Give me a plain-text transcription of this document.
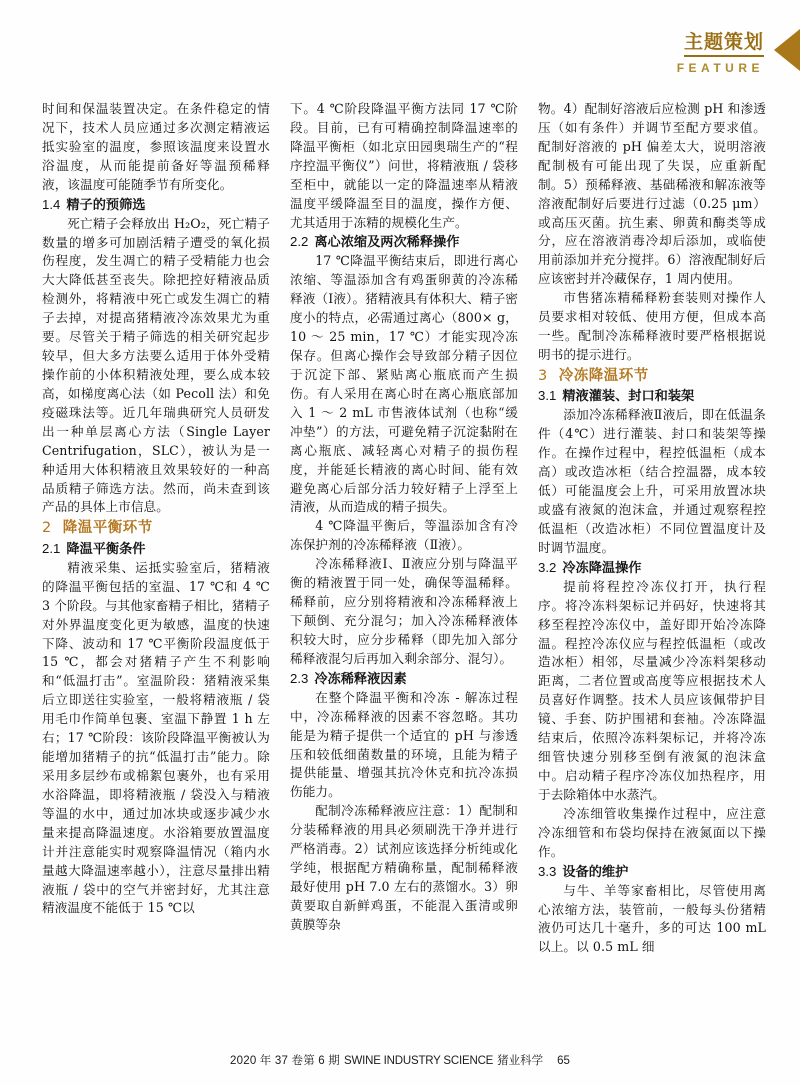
主题策划
FEATURE

时间和保温装置决定。在条件稳定的情况下，技术人员应通过多次测定精液运抵实验室的温度，参照该温度来设置水浴温度，从而能提前备好等温预稀释液，该温度可能随季节有所变化。

1.4 精子的预筛选

死亡精子会释放出 H₂O₂，死亡精子数量的增多可加剧活精子遭受的氧化损伤程度，发生凋亡的精子受精能力也会大大降低甚至丧失。除把控好精液品质检测外，将精液中死亡或发生凋亡的精子去掉，对提高猪精液冷冻效果尤为重要。尽管关于精子筛选的相关研究起步较早，但大多方法要么适用于体外受精操作前的小体积精液处理，要么成本较高，如梯度离心法（如 Pecoll 法）和免疫磁珠法等。近几年瑞典研究人员研发出一种单层离心方法（Single Layer Centrifugation，SLC），被认为是一种适用大体积精液且效果较好的一种高品质精子筛选方法。然而，尚未查到该产品的具体上市信息。

2 降温平衡环节
2.1 降温平衡条件

精液采集、运抵实验室后，猪精液的降温平衡包括的室温、17 ℃和 4 ℃ 3 个阶段。与其他家畜精子相比，猪精子对外界温度变化更为敏感，温度的快速下降、波动和 17 ℃平衡阶段温度低于 15 ℃，都会对猪精子产生不利影响和“低温打击”。室温阶段：猪精液采集后立即送往实验室，一般将精液瓶 / 袋用毛巾作简单包裹、室温下静置 1 h 左右；17 ℃阶段：该阶段降温平衡被认为能增加猪精子的抗“低温打击”能力。除采用多层纱布或棉絮包裹外，也有采用水浴降温，即将精液瓶 / 袋没入与精液等温的水中，通过加冰块或逐步减少水量来提高降温速度。水浴箱要放置温度计并注意能实时观察降温情况（箱内水量越大降温速率越小），注意尽量排出精液瓶 / 袋中的空气并密封好，尤其注意精液温度不能低于 15 ℃以

下。4 ℃阶段降温平衡方法同 17 ℃阶段。目前，已有可精确控制降温速率的降温平衡柜（如北京田园奥瑞生产的“程序控温平衡仪”）问世，将精液瓶 / 袋移至柜中，就能以一定的降温速率从精液温度平缓降温至目的温度，操作方便、尤其适用于冻精的规模化生产。

2.2 离心浓缩及两次稀释操作

17 ℃降温平衡结束后，即进行离心浓缩、等温添加含有鸡蛋卵黄的冷冻稀释液（Ⅰ液）。猪精液具有体积大、精子密度小的特点，必需通过离心（800× g，10 ～ 25 min，17 ℃）才能实现冷冻保存。但离心操作会导致部分精子因位于沉淀下部、紧贴离心瓶底而产生损伤。有人采用在离心时在离心瓶底部加入 1 ～ 2 mL 市售液体试剂（也称“缓冲垫”）的方法，可避免精子沉淀黏附在离心瓶底、减轻离心对精子的损伤程度，并能延长精液的离心时间、能有效避免离心后部分活力较好精子上浮至上清液，从而造成的精子损失。

4 ℃降温平衡后，等温添加含有冷冻保护剂的冷冻稀释液（Ⅱ液）。

冷冻稀释液Ⅰ、Ⅱ液应分别与降温平衡的精液置于同一处，确保等温稀释。稀释前，应分别将精液和冷冻稀释液上下颠倒、充分混匀；加入冷冻稀释液体积较大时，应分步稀释（即先加入部分稀释液混匀后再加入剩余部分、混匀）。

2.3 冷冻稀释液因素

在整个降温平衡和冷冻 - 解冻过程中，冷冻稀释液的因素不容忽略。其功能是为精子提供一个适宜的 pH 与渗透压和较低细菌数量的环境，且能为精子提供能量、增强其抗冷休克和抗冷冻损伤能力。

配制冷冻稀释液应注意：1）配制和分装稀释液的用具必须刷洗干净并进行严格消毒。2）试剂应该选择分析纯或化学纯，根据配方精确称量，配制稀释液最好使用 pH 7.0 左右的蒸馏水。3）卵黄要取自新鲜鸡蛋，不能混入蛋清或卵黄膜等杂

物。4）配制好溶液后应检测 pH 和渗透压（如有条件）并调节至配方要求值。配制好溶液的 pH 偏差太大，说明溶液配制极有可能出现了失误，应重新配制。5）预稀释液、基础稀液和解冻液等溶液配制好后要进行过滤（0.25 μm）或高压灭菌。抗生素、卵黄和酶类等成分，应在溶液消毒冷却后添加，或临使用前添加并充分搅拌。6）溶液配制好后应该密封并冷藏保存，1 周内使用。

市售猪冻精稀释粉套装则对操作人员要求相对较低、使用方便，但成本高一些。配制冷冻稀释液时要严格根据说明书的提示进行。

3 冷冻降温环节
3.1 精液灌装、封口和装架

添加冷冻稀释液Ⅱ液后，即在低温条件（4℃）进行灌装、封口和装架等操作。在操作过程中，程控低温柜（成本高）或改造冰柜（结合控温器，成本较低）可能温度会上升，可采用放置冰块或盛有液氮的泡沫盒，并通过观察程控低温柜（改造冰柜）不同位置温度计及时调节温度。

3.2 冷冻降温操作

提前将程控冷冻仪打开，执行程序。将冷冻料架标记并码好，快速将其移至程控冷冻仪中，盖好即开始冷冻降温。程控冷冻仪应与程控低温柜（或改造冰柜）相邻，尽量减少冷冻料架移动距离，二者位置或高度等应根据技术人员喜好作调整。技术人员应该佩带护目镜、手套、防护围裙和套袖。冷冻降温结束后，依照冷冻料架标记，并将冷冻细管快速分别移至倒有液氮的泡沫盒中。启动精子程序冷冻仪加热程序，用于去除箱体中水蒸汽。

冷冻细管收集操作过程中，应注意冷冻细管和布袋均保持在液氮面以下操作。

3.3 设备的维护

与牛、羊等家畜相比，尽管使用离心浓缩方法，装管前，一般每头份猪精液仍可达几十毫升，多的可达 100 mL 以上。以 0.5 mL 细

2020 年 37 卷第 6 期 SWINE INDUSTRY SCIENCE 猪业科学 65
